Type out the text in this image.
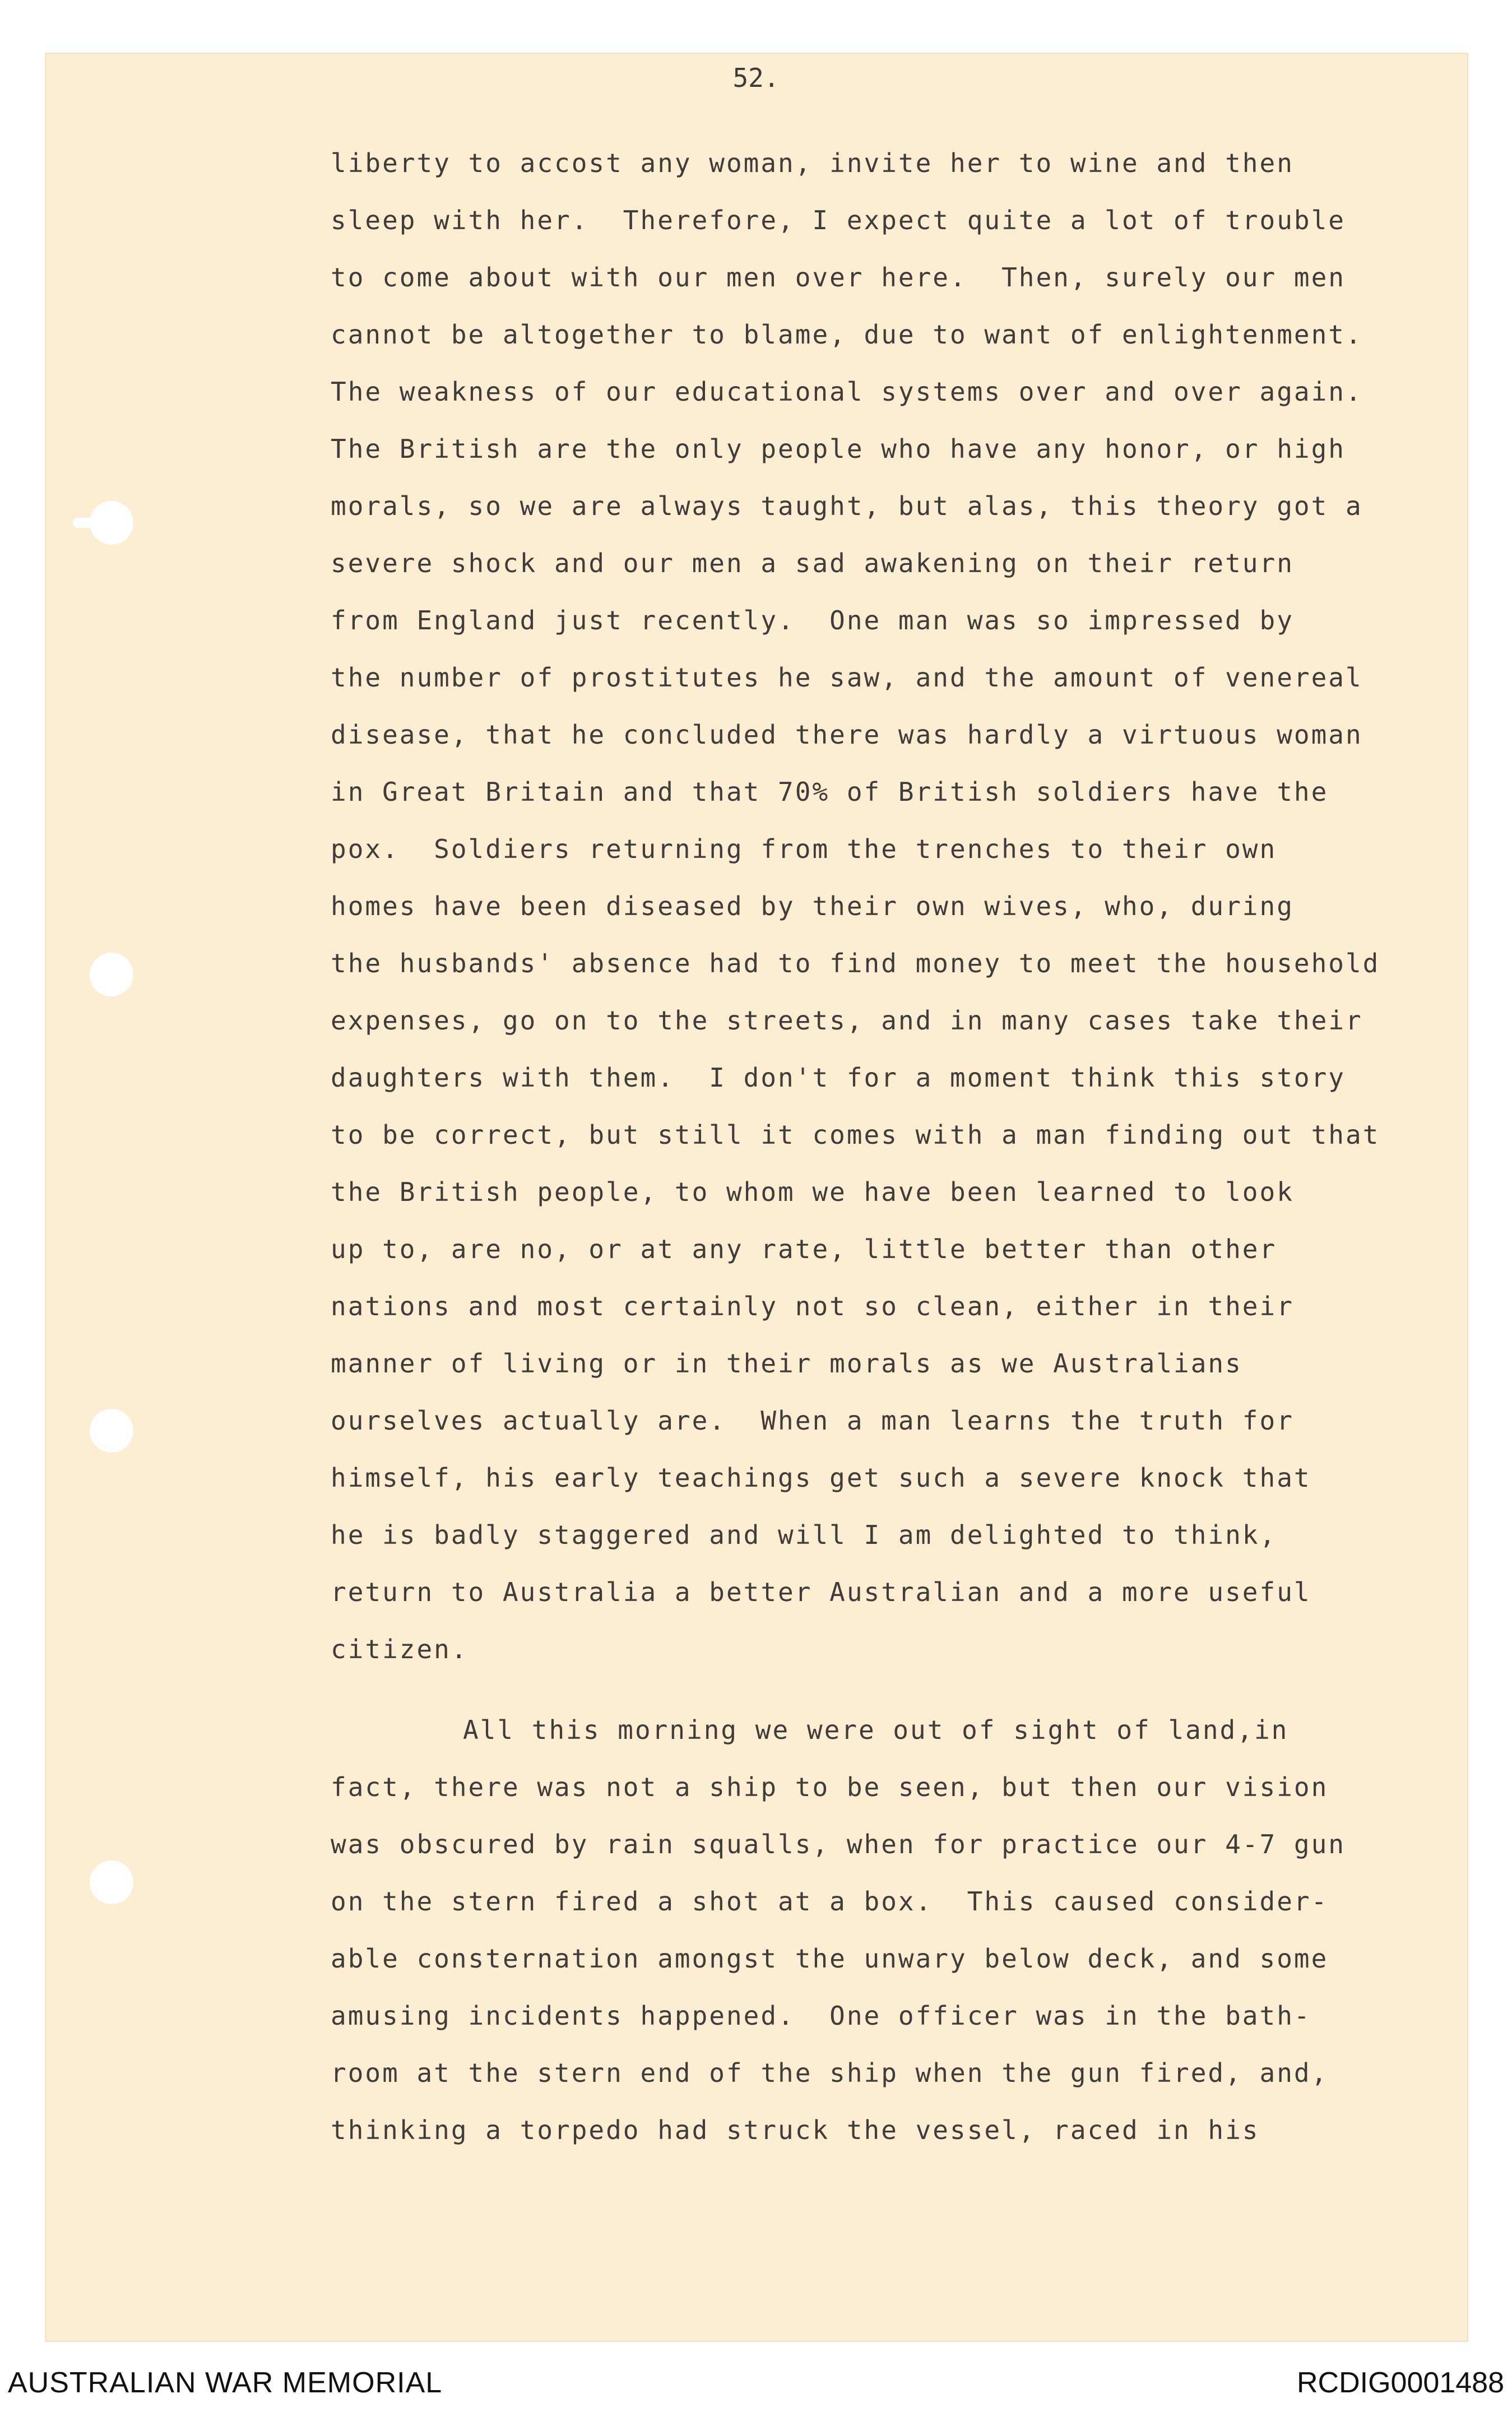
52.
liberty to accost any woman, invite her to wine and then
sleep with her.  Therefore, I expect quite a lot of trouble
to come about with our men over here.  Then, surely our men
cannot be altogether to blame, due to want of enlightenment.
The weakness of our educational systems over and over again.
The British are the only people who have any honor, or high
morals, so we are always taught, but alas, this theory got a
severe shock and our men a sad awakening on their return
from England just recently.  One man was so impressed by
the number of prostitutes he saw, and the amount of venereal
disease, that he concluded there was hardly a virtuous woman
in Great Britain and that 70% of British soldiers have the
pox.  Soldiers returning from the trenches to their own
homes have been diseased by their own wives, who, during
the husbands' absence had to find money to meet the household
expenses, go on to the streets, and in many cases take their
daughters with them.  I don't for a moment think this story
to be correct, but still it comes with a man finding out that
the British people, to whom we have been learned to look
up to, are no, or at any rate, little better than other
nations and most certainly not so clean, either in their
manner of living or in their morals as we Australians
ourselves actually are.  When a man learns the truth for
himself, his early teachings get such a severe knock that
he is badly staggered and will I am delighted to think,
return to Australia a better Australian and a more useful
citizen.
All this morning we were out of sight of land,in
fact, there was not a ship to be seen, but then our vision
was obscured by rain squalls, when for practice our 4-7 gun
on the stern fired a shot at a box.  This caused consider-
able consternation amongst the unwary below deck, and some
amusing incidents happened.  One officer was in the bath-
room at the stern end of the ship when the gun fired, and,
thinking a torpedo had struck the vessel, raced in his
AUSTRALIAN WAR MEMORIAL	RCDIG0001488
